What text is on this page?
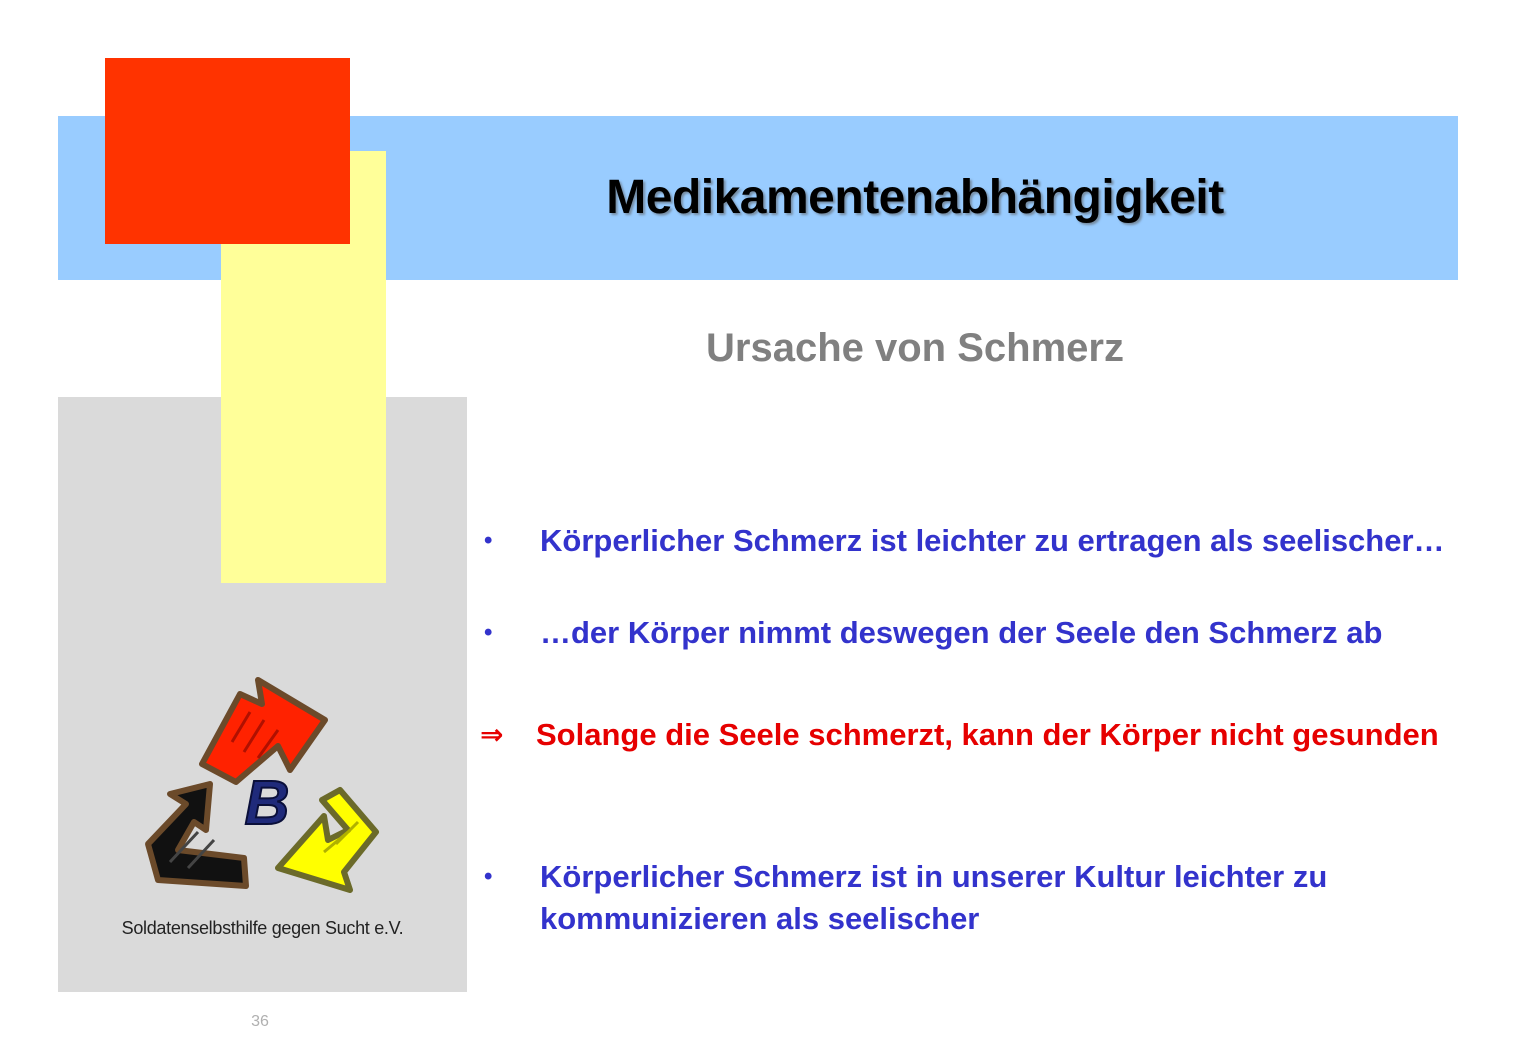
Medikamentenabhängigkeit
Ursache von Schmerz
•	Körperlicher Schmerz ist leichter zu ertragen als seelischer…
•	…der Körper nimmt deswegen der Seele den Schmerz ab
⇒	Solange die Seele schmerzt, kann der Körper nicht gesunden
•	Körperlicher Schmerz ist in unserer Kultur leichter zu kommunizieren als seelischer
B
Soldatenselbsthilfe gegen Sucht e.V.
36
